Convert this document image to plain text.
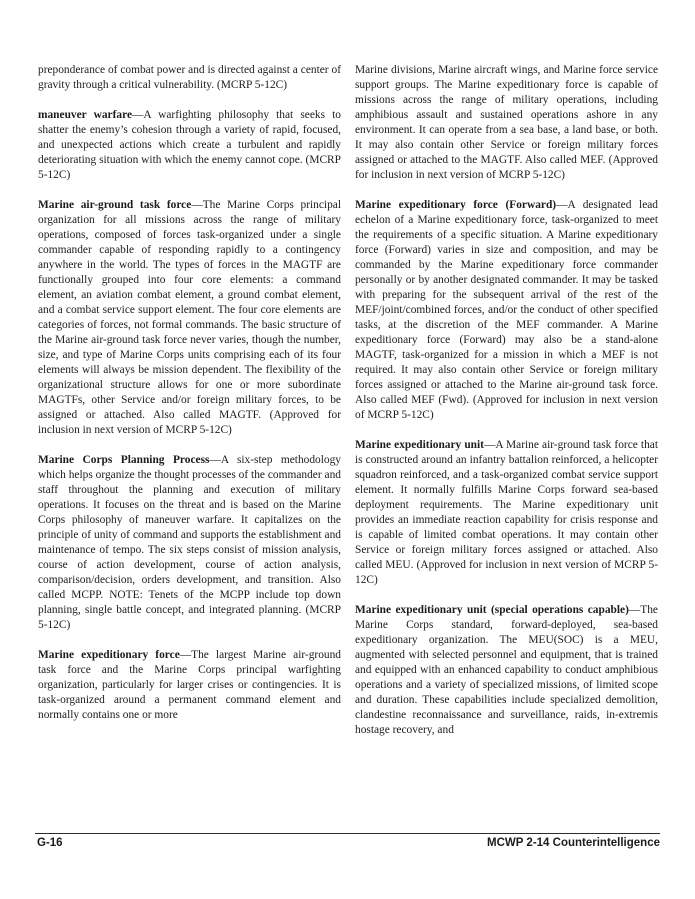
preponderance of combat power and is directed against a center of gravity through a critical vulnerability. (MCRP 5-12C)

maneuver warfare—A warfighting philosophy that seeks to shatter the enemy’s cohesion through a variety of rapid, focused, and unexpected actions which create a turbulent and rapidly deteriorating situation with which the enemy cannot cope. (MCRP 5-12C)

Marine air-ground task force—The Marine Corps principal organization for all missions across the range of military operations, composed of forces task-organized under a single commander capable of responding rapidly to a contingency anywhere in the world. The types of forces in the MAGTF are functionally grouped into four core elements: a command element, an aviation combat element, a ground combat element, and a combat service support element. The four core elements are categories of forces, not formal commands. The basic structure of the Marine air-ground task force never varies, though the number, size, and type of Marine Corps units comprising each of its four elements will always be mission dependent. The flexibility of the organizational structure allows for one or more subordinate MAGTFs, other Service and/or foreign military forces, to be assigned or attached. Also called MAGTF. (Approved for inclusion in next version of MCRP 5-12C)

Marine Corps Planning Process—A six-step methodology which helps organize the thought processes of the commander and staff throughout the planning and execution of military operations. It focuses on the threat and is based on the Marine Corps philosophy of maneuver warfare. It capitalizes on the principle of unity of command and supports the establishment and maintenance of tempo. The six steps consist of mission analysis, course of action development, course of action analysis, comparison/decision, orders development, and transition. Also called MCPP. NOTE: Tenets of the MCPP include top down planning, single battle concept, and integrated planning. (MCRP 5-12C)

Marine expeditionary force—The largest Marine air-ground task force and the Marine Corps principal warfighting organization, particularly for larger crises or contingencies. It is task-organized around a permanent command element and normally contains one or more

Marine divisions, Marine aircraft wings, and Marine force service support groups. The Marine expeditionary force is capable of missions across the range of military operations, including amphibious assault and sustained operations ashore in any environment. It can operate from a sea base, a land base, or both. It may also contain other Service or foreign military forces assigned or attached to the MAGTF. Also called MEF. (Approved for inclusion in next version of MCRP 5-12C)

Marine expeditionary force (Forward)—A designated lead echelon of a Marine expeditionary force, task-organized to meet the requirements of a specific situation. A Marine expeditionary force (Forward) varies in size and composition, and may be commanded by the Marine expeditionary force commander personally or by another designated commander. It may be tasked with preparing for the subsequent arrival of the rest of the MEF/joint/combined forces, and/or the conduct of other specified tasks, at the discretion of the MEF commander. A Marine expeditionary force (Forward) may also be a stand-alone MAGTF, task-organized for a mission in which a MEF is not required. It may also contain other Service or foreign military forces assigned or attached to the Marine air-ground task force. Also called MEF (Fwd). (Approved for inclusion in next version of MCRP 5-12C)

Marine expeditionary unit—A Marine air-ground task force that is constructed around an infantry battalion reinforced, a helicopter squadron reinforced, and a task-organized combat service support element. It normally fulfills Marine Corps forward sea-based deployment requirements. The Marine expeditionary unit provides an immediate reaction capability for crisis response and is capable of limited combat operations. It may contain other Service or foreign military forces assigned or attached. Also called MEU. (Approved for inclusion in next version of MCRP 5-12C)

Marine expeditionary unit (special operations capable)—The Marine Corps standard, forward-deployed, sea-based expeditionary organization. The MEU(SOC) is a MEU, augmented with selected personnel and equipment, that is trained and equipped with an enhanced capability to conduct amphibious operations and a variety of specialized missions, of limited scope and duration. These capabilities include specialized demolition, clandestine reconnaissance and surveillance, raids, in-extremis hostage recovery, and

G-16	MCWP 2-14 Counterintelligence
